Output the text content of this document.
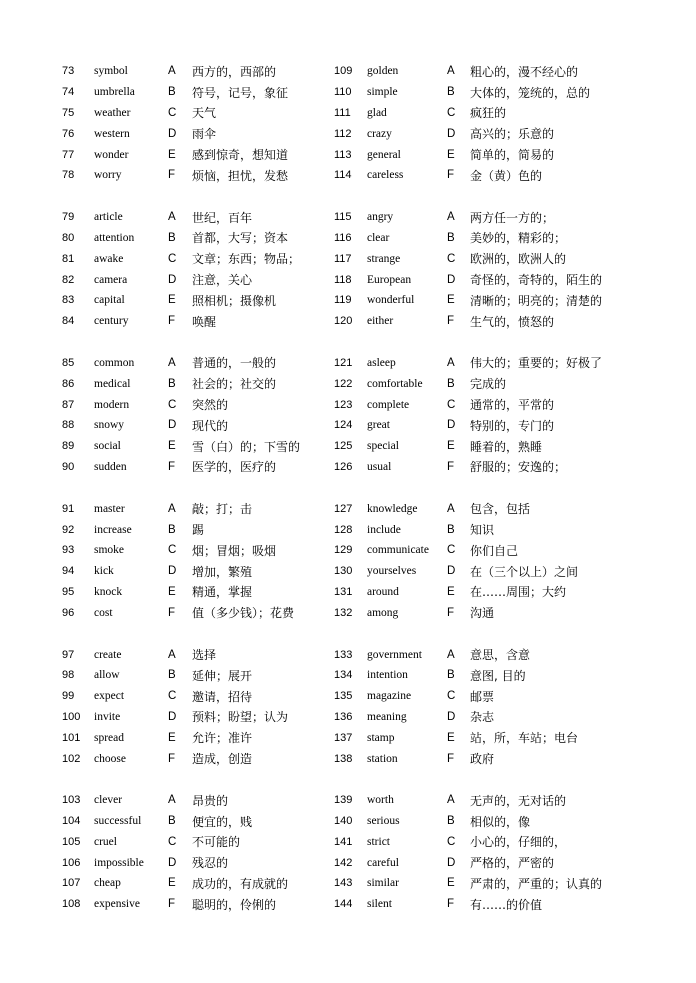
73	symbol	A	西方的，西部的
74	umbrella	B	符号，记号，象征
75	weather	C	天气
76	western	D	雨伞
77	wonder	E	感到惊奇，想知道
78	worry	F	烦恼，担忧，发愁
79	article	A	世纪，百年
80	attention	B	首都，大写；资本
81	awake	C	文章；东西；物品；
82	camera	D	注意，关心
83	capital	E	照相机；摄像机
84	century	F	唤醒
85	common	A	普通的，一般的
86	medical	B	社会的；社交的
87	modern	C	突然的
88	snowy	D	现代的
89	social	E	雪（白）的；下雪的
90	sudden	F	医学的，医疗的
91	master	A	敲；打；击
92	increase	B	踢
93	smoke	C	烟；冒烟；吸烟
94	kick	D	增加，繁殖
95	knock	E	精通，掌握
96	cost	F	值（多少钱）；花费
97	create	A	选择
98	allow	B	延伸；展开
99	expect	C	邀请，招待
100	invite	D	预料；盼望；认为
101	spread	E	允许；准许
102	choose	F	造成，创造
103	clever	A	昂贵的
104	successful	B	便宜的，贱
105	cruel	C	不可能的
106	impossible	D	残忍的
107	cheap	E	成功的，有成就的
108	expensive	F	聪明的，伶俐的
109	golden	A	粗心的，漫不经心的
110	simple	B	大体的，笼统的，总的
111	glad	C	疯狂的
112	crazy	D	高兴的；乐意的
113	general	E	简单的，简易的
114	careless	F	金（黄）色的
115	angry	A	两方任一方的；
116	clear	B	美妙的，精彩的；
117	strange	C	欧洲的，欧洲人的
118	European	D	奇怪的，奇特的，陌生的
119	wonderful	E	清晰的；明亮的；清楚的
120	either	F	生气的，愤怒的
121	asleep	A	伟大的；重要的；好极了
122	comfortable	B	完成的
123	complete	C	通常的，平常的
124	great	D	特别的，专门的
125	special	E	睡着的，熟睡
126	usual	F	舒服的；安逸的；
127	knowledge	A	包含，包括
128	include	B	知识
129	communicate	C	你们自己
130	yourselves	D	在（三个以上）之间
131	around	E	在……周围；大约
132	among	F	沟通
133	government	A	意思，含意
134	intention	B	意图, 目的
135	magazine	C	邮票
136	meaning	D	杂志
137	stamp	E	站，所，车站；电台
138	station	F	政府
139	worth	A	无声的，无对话的
140	serious	B	相似的，像
141	strict	C	小心的，仔细的，
142	careful	D	严格的，严密的
143	similar	E	严肃的，严重的；认真的
144	silent	F	有……的价值
